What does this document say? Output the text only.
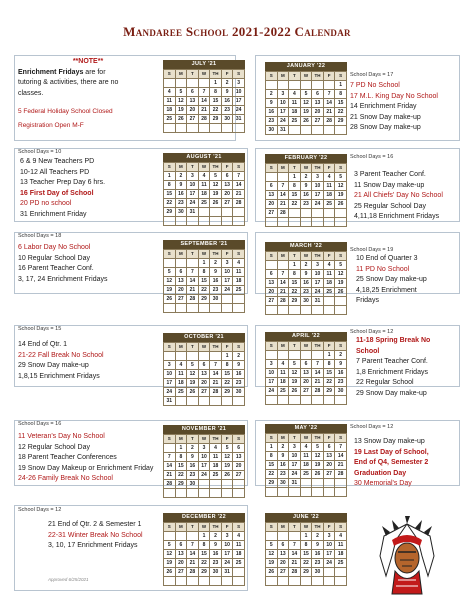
Mandaree School 2021-2022 Calendar
**NOTE**
Enrichment Fridays are for
tutoring & activities, there are no
classes.
5 Federal Holiday School Closed
Registration Open M-F
School Days = 10
School Days = 18
School Days = 15
School Days = 16
School Days = 12
School Days = 17
School Days = 16
School Days = 19
School Days = 12
School Days = 12
6 & 9 New Teachers PD
10-12 All Teachers PD
13 Teacher Prep Day 6 hrs.
16 First Day of School
20 PD no school
31 Enrichment Friday
6 Labor Day No School
10 Regular School Day
16 Parent Teacher Conf.
3, 17, 24 Enrichment Fridays
14 End of Qtr. 1
21-22 Fall Break No School
29 Snow Day make-up
1,8,15 Enrichment Fridays
11 Veteran's Day No School
12 Regular School Day
18 Parent Teacher Conferences
19 Snow Day Makeup or Enrichment Friday
24-26 Family Break No School
21 End of Qtr. 2 & Semester 1
22-31 Winter Break No School
3, 10, 17 Enrichment Fridays
7 PD No School
17 M.L. King Day No School
14 Enrichment Friday
21 Snow Day make-up
28 Snow Day make-up
3 Parent Teacher Conf.
11 Snow Day make-up
21 All Chiefs' Day No School
25 Regular School Day
4,11,18 Enrichment Fridays
10 End of Quarter 3
11 PD No School
25 Snow Day make-up
4,18,25 Enrichment
Fridays
11-18 Spring Break No
School
7 Parent Teacher Conf.
1,8 Enrichment Fridays
22 Regular School
29 Snow Day make-up
13 Snow Day make-up
19 Last Day of School,
End of Q4, Semester 2
Graduation Day
30 Memorial's Day
JULY '21
S	M	T	W	TH	F	S
				1	2	3
4	5	6	7	8	9	10
11	12	13	14	15	16	17
18	19	20	21	22	23	24
25	26	27	28	29	30	31

AUGUST '21
S	M	T	W	TH	F	S
1	2	3	4	5	6	7
8	9	10	11	12	13	14
15	16	17	18	19	20	21
22	23	24	25	26	27	28
29	30	31				

SEPTEMBER '21
S	M	T	W	TH	F	S
			1	2	3	4
5	6	7	8	9	10	11
12	13	14	15	16	17	18
19	20	21	22	23	24	25
26	27	28	29	30		

OCTOBER '21
S	M	T	W	TH	F	S
					1	2
3	4	5	6	7	8	9
10	11	12	13	14	15	16
17	18	19	20	21	22	23
24	25	26	27	28	29	30
31						
NOVEMBER '21
S	M	T	W	TH	F	S
	1	2	3	4	5	6
7	8	9	10	11	12	13
14	15	16	17	18	19	20
21	22	23	24	25	26	27
28	29	30				

DECEMBER '22
S	M	T	W	TH	F	S
			1	2	3	4
5	6	7	8	9	10	11
12	13	14	15	16	17	18
19	20	21	22	23	24	25
26	27	28	29	30	31	

JANUARY '22
S	M	T	W	TH	F	S
						1
2	3	4	5	6	7	8
9	10	11	12	13	14	15
16	17	18	19	20	21	22
23	24	25	26	27	28	29
30	31					
FEBRUARY '22
S	M	T	W	TH	F	S
		1	2	3	4	5
6	7	8	9	10	11	12
13	14	15	16	17	18	19
20	21	22	23	24	25	26
27	28					

MARCH '22
S	M	T	W	TH	F	S
		1	2	3	4	5
6	7	8	9	10	11	12
13	14	15	16	17	18	19
20	21	22	23	24	25	26
27	28	29	30	31		

APRIL '22
S	M	T	W	TH	F	S
					1	2
3	4	5	6	7	8	9
10	11	12	13	14	15	16
17	18	19	20	21	22	23
24	25	26	27	28	29	30

MAY '22
S	M	T	W	TH	F	S
1	2	3	4	5	6	7
8	9	10	11	12	13	14
15	16	17	18	19	20	21
22	23	24	25	26	27	28
29	30	31				

JUNE '22
S	M	T	W	TH	F	S
			1	2	3	4
5	6	7	8	9	10	11
12	13	14	15	16	17	18
19	20	21	22	23	24	25
26	27	28	29	30		

Approved 6/25/2021
